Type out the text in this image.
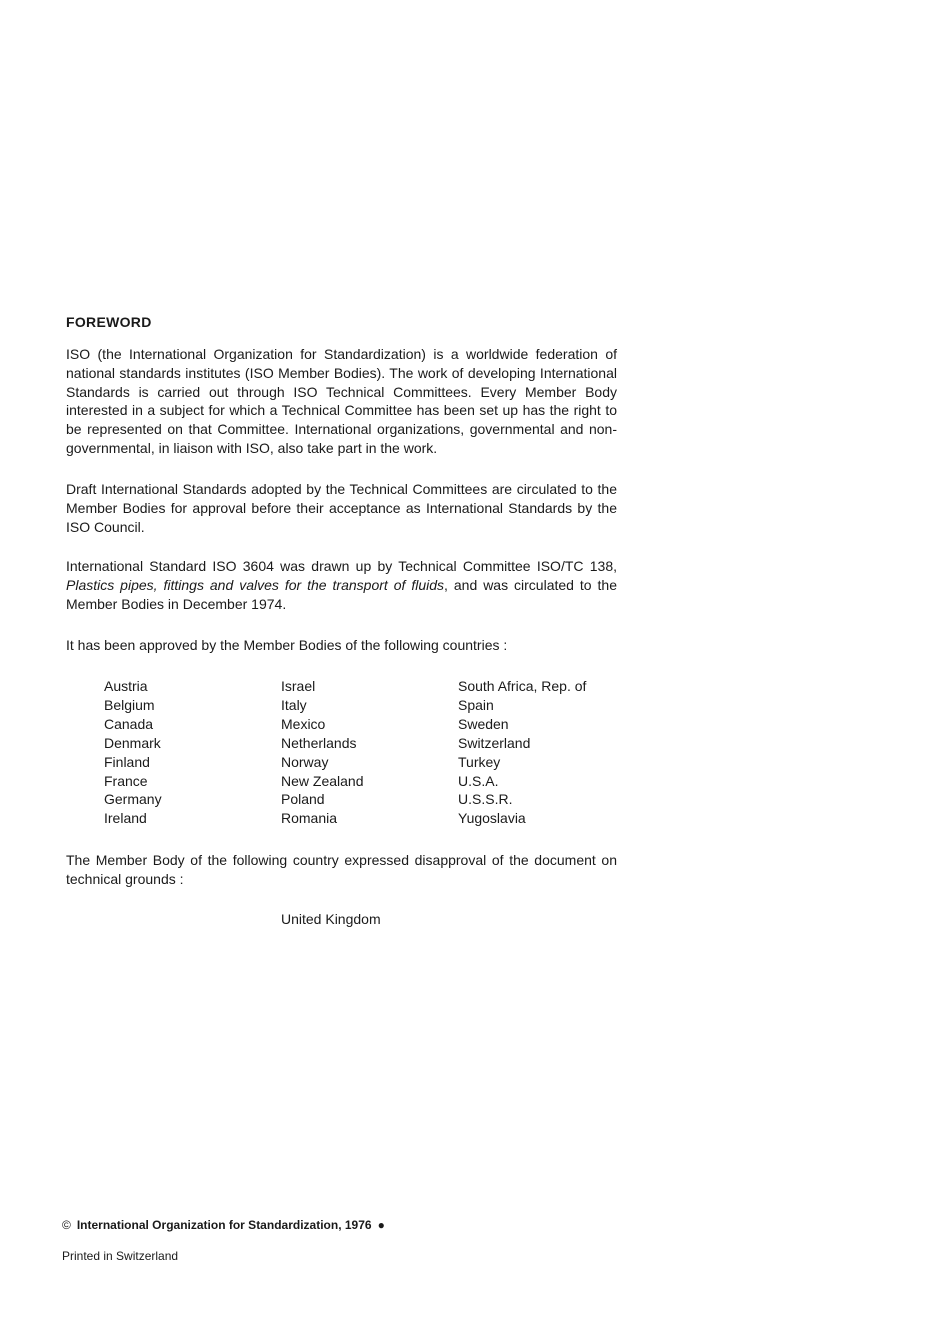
FOREWORD

ISO (the International Organization for Standardization) is a worldwide federation of national standards institutes (ISO Member Bodies). The work of developing International Standards is carried out through ISO Technical Committees. Every Member Body interested in a subject for which a Technical Committee has been set up has the right to be represented on that Committee. International organizations, governmental and non-governmental, in liaison with ISO, also take part in the work.

Draft International Standards adopted by the Technical Committees are circulated to the Member Bodies for approval before their acceptance as International Standards by the ISO Council.

International Standard ISO 3604 was drawn up by Technical Committee ISO/TC 138, Plastics pipes, fittings and valves for the transport of fluids, and was circulated to the Member Bodies in December 1974.

It has been approved by the Member Bodies of the following countries :

Austria
Belgium
Canada
Denmark
Finland
France
Germany
Ireland
Israel
Italy
Mexico
Netherlands
Norway
New Zealand
Poland
Romania
South Africa, Rep. of
Spain
Sweden
Switzerland
Turkey
U.S.A.
U.S.S.R.
Yugoslavia

The Member Body of the following country expressed disapproval of the document on technical grounds :

United Kingdom
© International Organization for Standardization, 1976 ●
Printed in Switzerland
